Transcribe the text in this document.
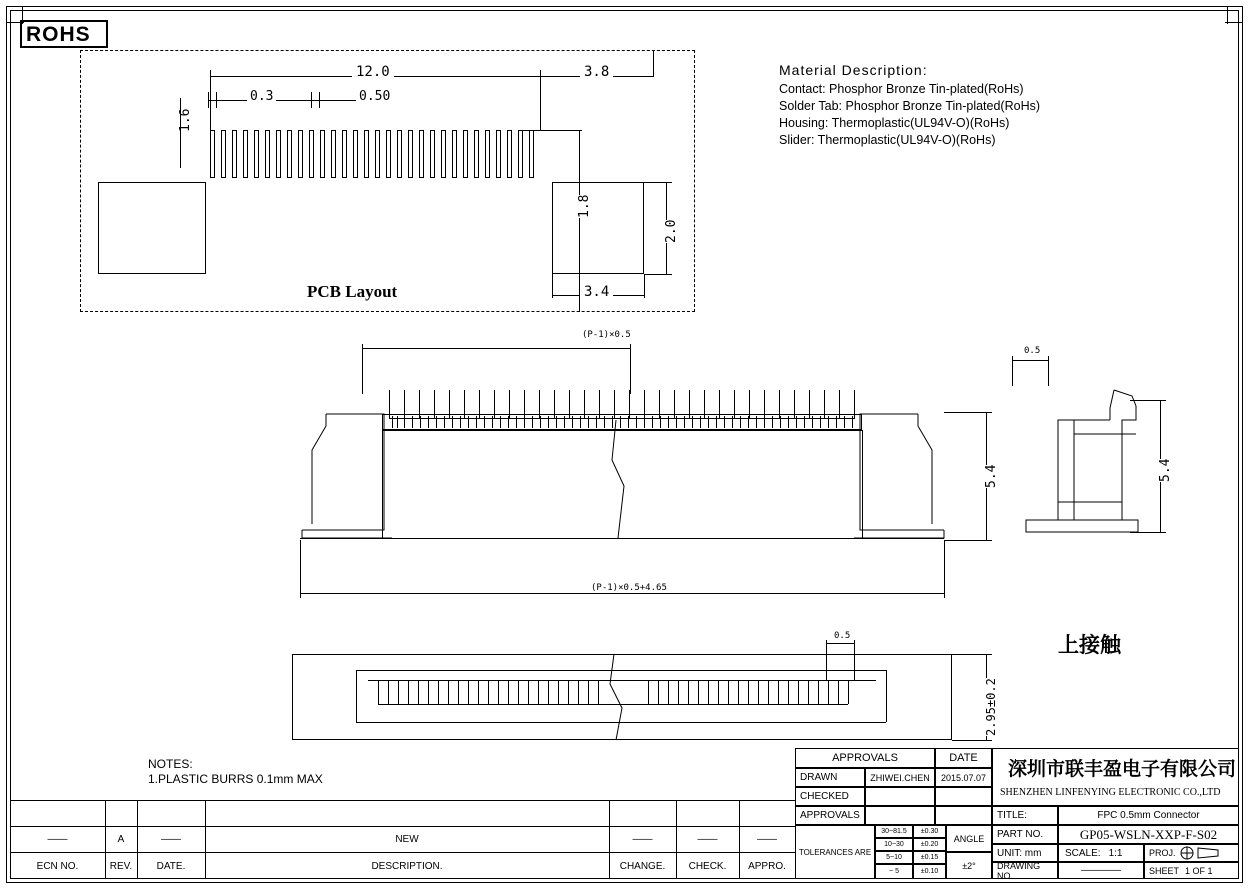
ROHS
12.0	3.8
0.3	0.50
1.6
1.8
2.0
3.4
PCB Layout
Material Description:
Contact: Phosphor Bronze Tin-plated(RoHs)
Solder Tab: Phosphor Bronze Tin-plated(RoHs)
Housing: Thermoplastic(UL94V-O)(RoHs)
Slider: Thermoplastic(UL94V-O)(RoHs)
(P-1)×0.5
0.5
5.4
(P-1)×0.5+4.65
5.4
上接触
0.5
2.95±0.2
NOTES:
1.PLASTIC BURRS 0.1mm MAX
——	A	——	NEW	——	——	——
ECN NO.	REV.	DATE.	DESCRIPTION.	CHANGE.	CHECK.	APPRO.
APPROVALS	DATE
DRAWN	ZHIWEI.CHEN	2015.07.07
CHECKED
APPROVALS
TOLERANCES ARE
30~81.5	±0.30
10~30	±0.20
5~10	±0.15
~ 5	±0.10
ANGLE
±2°
深圳市联丰盈电子有限公司
SHENZHEN LINFENYING ELECTRONIC CO.,LTD
TITLE:	FPC 0.5mm Connector
PART NO.	GP05-WSLN-XXP-F-S02
UNIT: mm	SCALE: 1:1	PROJ.
DRAWING NO.	————	SHEET 1 OF 1
